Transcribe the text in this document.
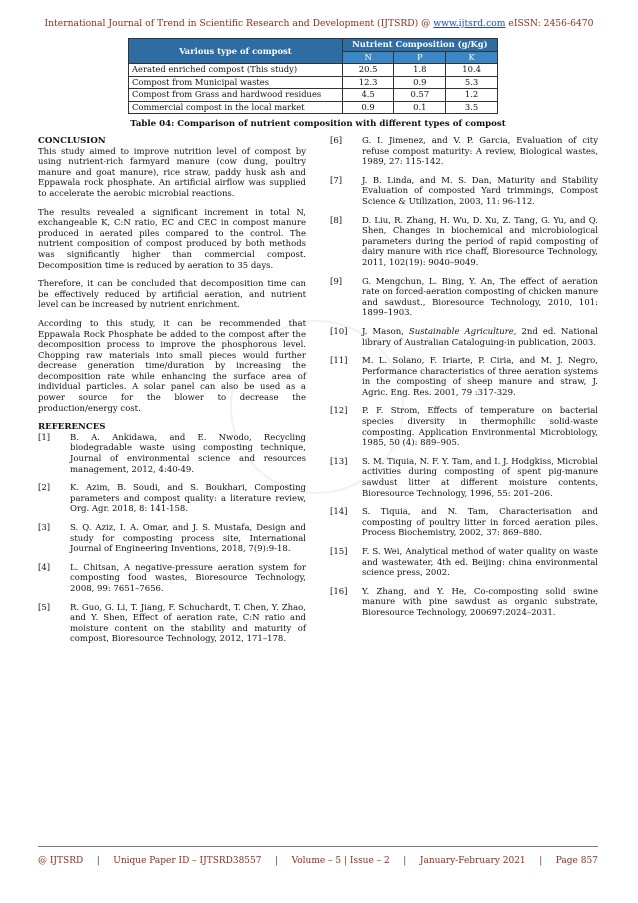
International Journal of Trend in Scientific Research and Development (IJTSRD) @ www.ijtsrd.com eISSN: 2456-6470
Various type of compost	Nutrient Composition (g/Kg)		
	N	P	K
Aerated enriched compost (This study)	20.5	1.8	10.4
Compost from Municipal wastes	12.3	0.9	5.3
Compost from Grass and hardwood residues	4.5	0.57	1.2
Commercial compost in the local market	0.9	0.1	3.5
Table 04: Comparison of nutrient composition with different types of compost
CONCLUSION

This study aimed to improve nutrition level of compost by using nutrient-rich farmyard manure (cow dung, poultry manure and goat manure), rice straw, paddy husk ash and Eppawala rock phosphate. An artificial airflow was supplied to accelerate the aerobic microbial reactions.

The results revealed a significant increment in total N, exchangeable K, C:N ratio, EC and CEC in compost manure produced in aerated piles compared to the control. The nutrient composition of compost produced by both methods was significantly higher than commercial compost. Decomposition time is reduced by aeration to 35 days.

Therefore, it can be concluded that decomposition time can be effectively reduced by artificial aeration, and nutrient level can be increased by nutrient enrichment.

According to this study, it can be recommended that Eppawala Rock Phosphate be added to the compost after the decomposition process to improve the phosphorous level. Chopping raw materials into small pieces would further decrease generation time/duration by increasing the decomposition rate while enhancing the surface area of individual particles. A solar panel can also be used as a power source for the blower to decrease the production/energy cost.

REFERENCES
[1]	B. A. Ankidawa, and E. Nwodo, Recycling biodegradable waste using composting technique, Journal of environmental science and resources management, 2012, 4:40-49.
[2]	K. Azim, B. Soudi, and S. Boukhari, Composting parameters and compost quality: a literature review, Org. Agr. 2018, 8: 141-158.
[3]	S. Q. Aziz, I. A. Omar, and J. S. Mustafa, Design and study for composting process site, International Journal of Engineering Inventions, 2018, 7(9):9-18.
[4]	L. Chitsan, A negative-pressure aeration system for composting food wastes, Bioresource Technology, 2008, 99: 7651–7656.
[5]	R. Guo, G. Li, T. Jiang, F. Schuchardt, T. Chen, Y. Zhao, and Y. Shen, Effect of aeration rate, C:N ratio and moisture content on the stability and maturity of compost, Bioresource Technology, 2012, 171–178.
[6]	G. I. Jimenez, and V. P. Garcia, Evaluation of city refuse compost maturity: A review, Biological wastes, 1989, 27: 115-142.
[7]	J. B. Linda, and M. S. Dan, Maturity and Stability Evaluation of composted Yard trimmings, Compost Science & Utilization, 2003, 11: 96-112.
[8]	D. Liu, R. Zhang, H. Wu, D. Xu, Z. Tang, G. Yu, and Q. Shen, Changes in biochemical and microbiological parameters during the period of rapid composting of dairy manure with rice chaff, Bioresource Technology, 2011, 102(19): 9040–9049.
[9]	G. Mengchun, L. Bing, Y. An, The effect of aeration rate on forced-aeration composting of chicken manure and sawdust., Bioresource Technology, 2010, 101: 1899–1903.
[10]	J. Mason, Sustainable Agriculture, 2nd ed. National library of Australian Cataloguing-in publication, 2003.
[11]	M. L. Solano, F. Iriarte, P. Ciria, and M. J. Negro, Performance characteristics of three aeration systems in the composting of sheep manure and straw, J. Agric. Eng. Res. 2001, 79 :317-329.
[12]	P. F. Strom, Effects of temperature on bacterial species diversity in thermophilic solid-waste composting. Application Environmental Microbiology, 1985, 50 (4): 889–905.
[13]	S. M. Tiquia, N. F. Y. Tam, and I. J. Hodgkiss, Microbial activities during composting of spent pig-manure sawdust litter at different moisture contents, Bioresource Technology, 1996, 55: 201–206.
[14]	S. Tiquia, and N. Tam, Characterisation and composting of poultry litter in forced aeration piles. Process Biochemistry, 2002, 37: 869–880.
[15]	F. S. Wei, Analytical method of water quality on waste and wastewater, 4th ed. Beijing: china environmental science press, 2002.
[16]	Y. Zhang, and Y. He, Co-composting solid swine manure with pine sawdust as organic substrate, Bioresource Technology, 200697:2024–2031.
@ IJTSRD | Unique Paper ID – IJTSRD38557 | Volume – 5 | Issue – 2 | January-February 2021 | Page 857
